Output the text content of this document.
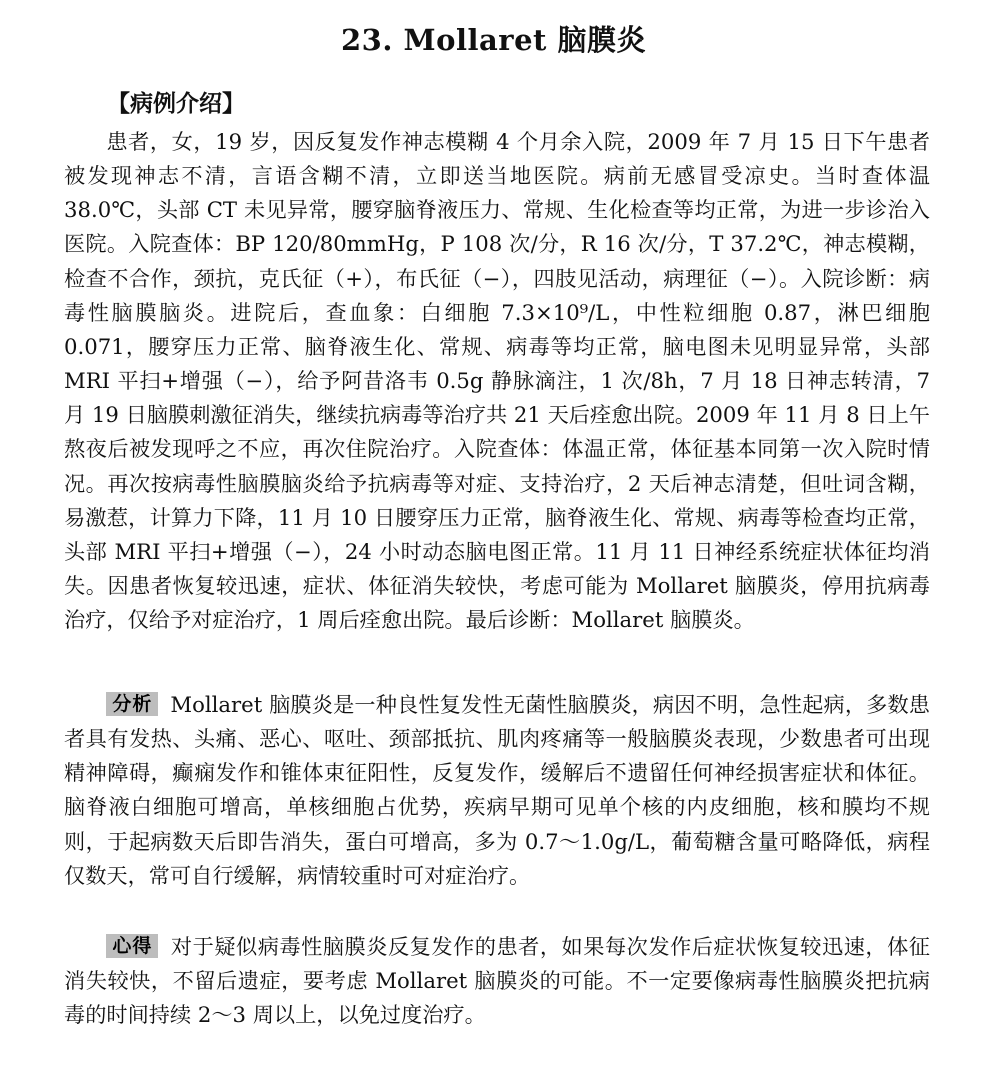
23. Mollaret 脑膜炎
【病例介绍】

患者，女，19 岁，因反复发作神志模糊 4 个月余入院，2009 年 7 月 15 日下午患者被发现神志不清，言语含糊不清，立即送当地医院。病前无感冒受凉史。当时查体温 38.0℃，头部 CT 未见异常，腰穿脑脊液压力、常规、生化检查等均正常，为进一步诊治入医院。入院查体：BP 120/80mmHg，P 108 次/分，R 16 次/分，T 37.2℃，神志模糊，检查不合作，颈抗，克氏征（+），布氏征（−），四肢见活动，病理征（−）。入院诊断：病毒性脑膜脑炎。进院后，查血象：白细胞 7.3×10⁹/L，中性粒细胞 0.87，淋巴细胞 0.071，腰穿压力正常、脑脊液生化、常规、病毒等均正常，脑电图未见明显异常，头部 MRI 平扫+增强（−），给予阿昔洛韦 0.5g 静脉滴注，1 次/8h，7 月 18 日神志转清，7 月 19 日脑膜刺激征消失，继续抗病毒等治疗共 21 天后痊愈出院。2009 年 11 月 8 日上午熬夜后被发现呼之不应，再次住院治疗。入院查体：体温正常，体征基本同第一次入院时情况。再次按病毒性脑膜脑炎给予抗病毒等对症、支持治疗，2 天后神志清楚，但吐词含糊，易激惹，计算力下降，11 月 10 日腰穿压力正常，脑脊液生化、常规、病毒等检查均正常，头部 MRI 平扫+增强（−），24 小时动态脑电图正常。11 月 11 日神经系统症状体征均消失。因患者恢复较迅速，症状、体征消失较快，考虑可能为 Mollaret 脑膜炎，停用抗病毒治疗，仅给予对症治疗，1 周后痊愈出院。最后诊断：Mollaret 脑膜炎。

分析 Mollaret 脑膜炎是一种良性复发性无菌性脑膜炎，病因不明，急性起病，多数患者具有发热、头痛、恶心、呕吐、颈部抵抗、肌肉疼痛等一般脑膜炎表现，少数患者可出现精神障碍，癫痫发作和锥体束征阳性，反复发作，缓解后不遗留任何神经损害症状和体征。脑脊液白细胞可增高，单核细胞占优势，疾病早期可见单个核的内皮细胞，核和膜均不规则，于起病数天后即告消失，蛋白可增高，多为 0.7～1.0g/L，葡萄糖含量可略降低，病程仅数天，常可自行缓解，病情较重时可对症治疗。

心得 对于疑似病毒性脑膜炎反复发作的患者，如果每次发作后症状恢复较迅速，体征消失较快，不留后遗症，要考虑 Mollaret 脑膜炎的可能。不一定要像病毒性脑膜炎把抗病毒的时间持续 2～3 周以上，以免过度治疗。
